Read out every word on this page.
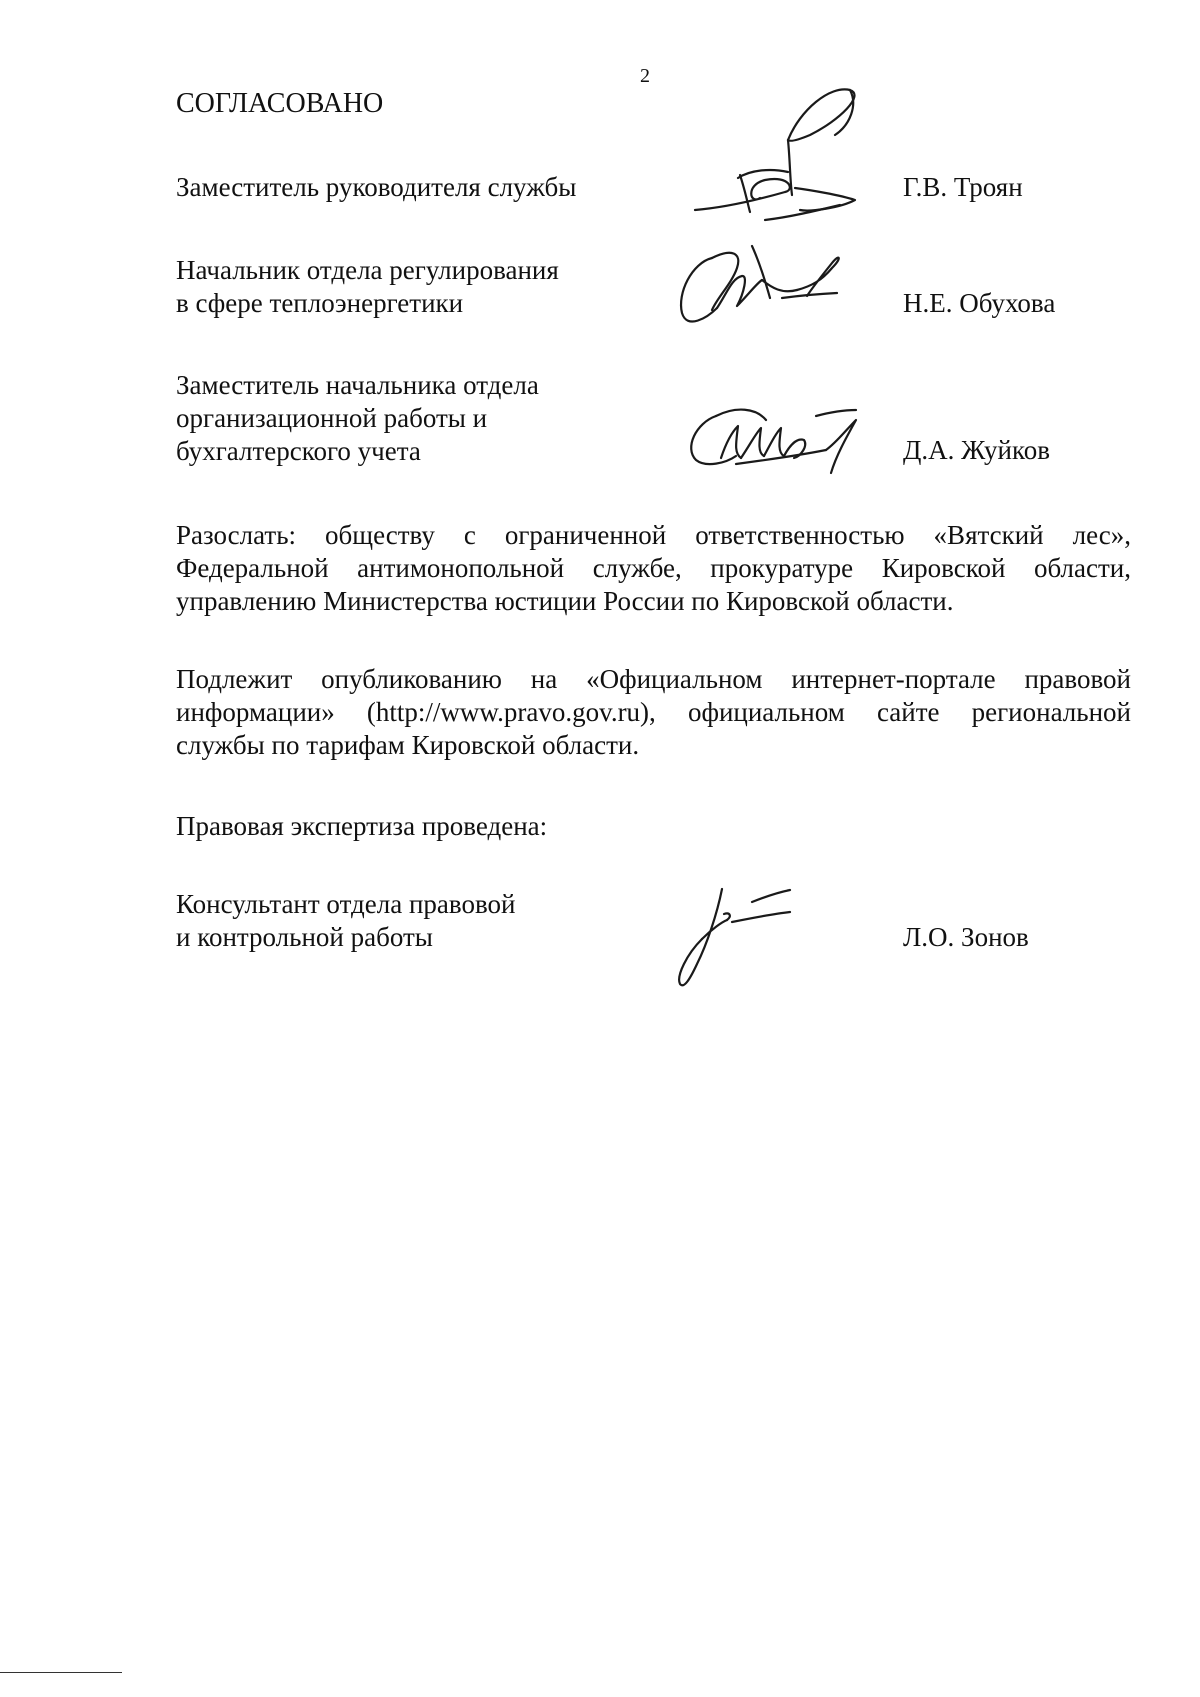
2
СОГЛАСОВАНО
Заместитель руководителя службы	Г.В. Троян
Начальник отдела регулирования
в сфере теплоэнергетики	Н.Е. Обухова
Заместитель начальника отдела
организационной работы и
бухгалтерского учета	Д.А. Жуйков

Разослать: обществу с ограниченной ответственностью «Вятский лес»,

Федеральной антимонопольной службе, прокуратуре Кировской области,

управлению Министерства юстиции России по Кировской области.

Подлежит опубликованию на «Официальном интернет-портале правовой

информации» (http://www.pravo.gov.ru), официальном сайте региональной

службы по тарифам Кировской области.

Правовая экспертиза проведена:
Консультант отдела правовой
и контрольной работы	Л.О. Зонов
